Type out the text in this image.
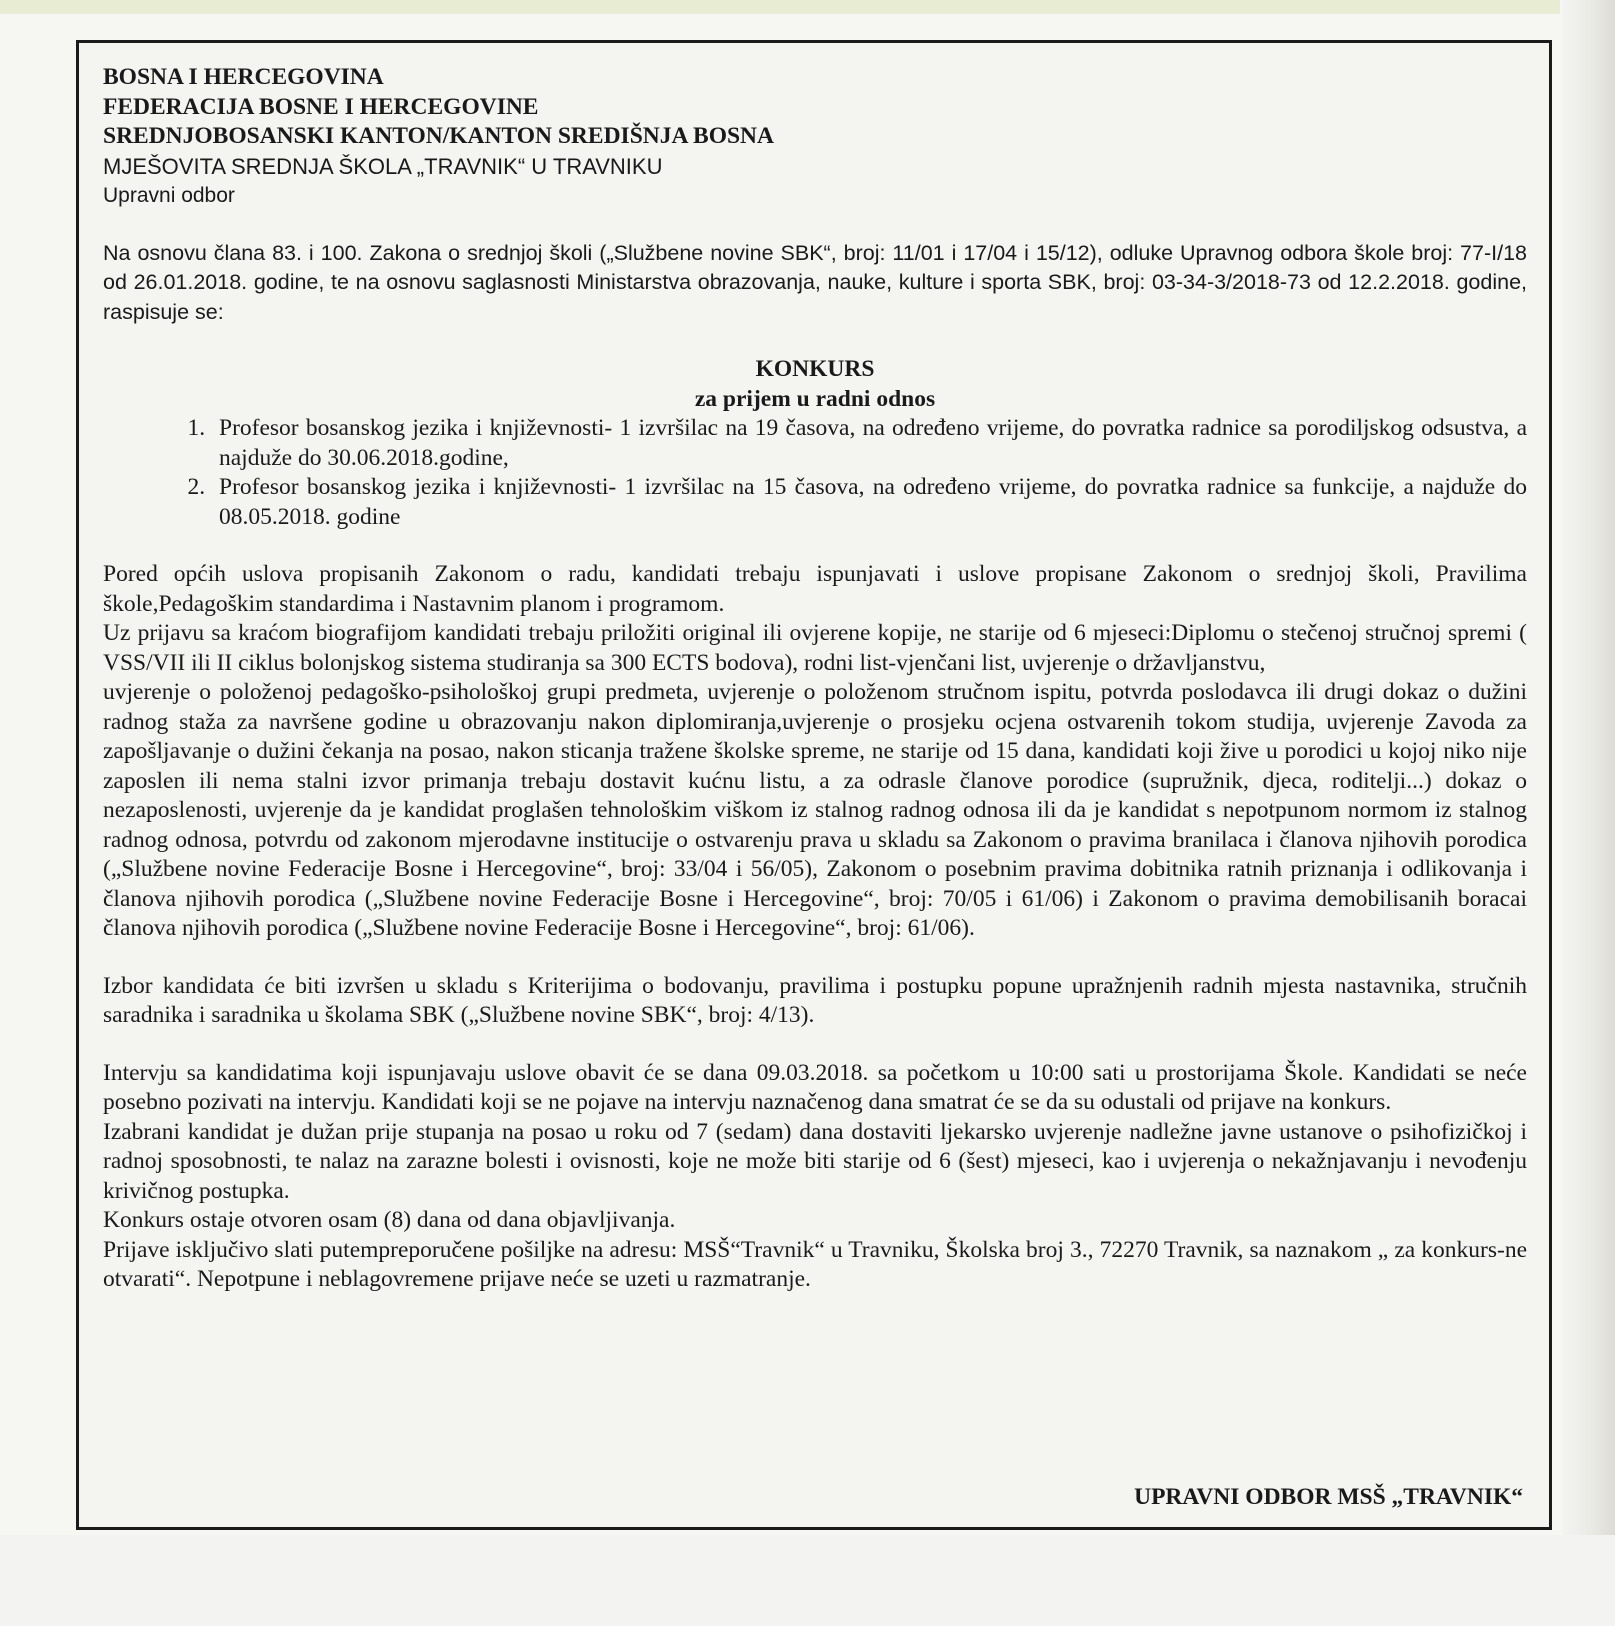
BOSNA I HERCEGOVINA

FEDERACIJA BOSNE I HERCEGOVINE

SREDNJOBOSANSKI KANTON/KANTON SREDIŠNJA BOSNA

MJEŠOVITA SREDNJA ŠKOLA „TRAVNIK“ U TRAVNIKU

Upravni odbor

Na osnovu člana 83. i 100. Zakona o srednjoj školi („Službene novine SBK“, broj: 11/01 i 17/04 i 15/12), odluke Upravnog odbora škole broj: 77-I/18 od 26.01.2018. godine, te na osnovu saglasnosti Ministarstva obrazovanja, nauke, kulture i sporta SBK, broj: 03-34-3/2018-73 od 12.2.2018. godine, raspisuje se:

KONKURS

za prijem u radni odnos

1. Profesor bosanskog jezika i književnosti- 1 izvršilac na 19 časova, na određeno vrijeme, do povratka radnice sa porodiljskog odsustva, a najduže do 30.06.2018.godine,
2. Profesor bosanskog jezika i književnosti- 1 izvršilac na 15 časova, na određeno vrijeme, do povratka radnice sa funkcije, a najduže do 08.05.2018. godine

Pored općih uslova propisanih Zakonom o radu, kandidati trebaju ispunjavati i uslove propisane Zakonom o srednjoj školi, Pravilima škole,Pedagoškim standardima i Nastavnim planom i programom.

Uz prijavu sa kraćom biografijom kandidati trebaju priložiti original ili ovjerene kopije, ne starije od 6 mjeseci:Diplomu o stečenoj stručnoj spremi ( VSS/VII ili II ciklus bolonjskog sistema studiranja sa 300 ECTS bodova), rodni list-vjenčani list, uvjerenje o državljanstvu,

uvjerenje o položenoj pedagoško-psihološkoj grupi predmeta, uvjerenje o položenom stručnom ispitu, potvrda poslodavca ili drugi dokaz o dužini radnog staža za navršene godine u obrazovanju nakon diplomiranja,uvjerenje o prosjeku ocjena ostvarenih tokom studija, uvjerenje Zavoda za zapošljavanje o dužini čekanja na posao, nakon sticanja tražene školske spreme, ne starije od 15 dana, kandidati koji žive u porodici u kojoj niko nije zaposlen ili nema stalni izvor primanja trebaju dostavit kućnu listu, a za odrasle članove porodice (supružnik, djeca, roditelji...) dokaz o nezaposlenosti, uvjerenje da je kandidat proglašen tehnološkim viškom iz stalnog radnog odnosa ili da je kandidat s nepotpunom normom iz stalnog radnog odnosa, potvrdu od zakonom mjerodavne institucije o ostvarenju prava u skladu sa Zakonom o pravima branilaca i članova njihovih porodica („Službene novine Federacije Bosne i Hercegovine“, broj: 33/04 i 56/05), Zakonom o posebnim pravima dobitnika ratnih priznanja i odlikovanja i članova njihovih porodica („Službene novine Federacije Bosne i Hercegovine“, broj: 70/05 i 61/06) i Zakonom o pravima demobilisanih boracai članova njihovih porodica („Službene novine Federacije Bosne i Hercegovine“, broj: 61/06).

Izbor kandidata će biti izvršen u skladu s Kriterijima o bodovanju, pravilima i postupku popune upražnjenih radnih mjesta nastavnika, stručnih saradnika i saradnika u školama SBK („Službene novine SBK“, broj: 4/13).

Intervju sa kandidatima koji ispunjavaju uslove obavit će se dana 09.03.2018. sa početkom u 10:00 sati u prostorijama Škole. Kandidati se neće posebno pozivati na intervju. Kandidati koji se ne pojave na intervju naznačenog dana smatrat će se da su odustali od prijave na konkurs.

Izabrani kandidat je dužan prije stupanja na posao u roku od 7 (sedam) dana dostaviti ljekarsko uvjerenje nadležne javne ustanove o psihofizičkoj i radnoj sposobnosti, te nalaz na zarazne bolesti i ovisnosti, koje ne može biti starije od 6 (šest) mjeseci, kao i uvjerenja o nekažnjavanju i nevođenju krivičnog postupka.

Konkurs ostaje otvoren osam (8) dana od dana objavljivanja.

Prijave isključivo slati putempreporučene pošiljke na adresu: MSŠ“Travnik“ u Travniku, Školska broj 3., 72270 Travnik, sa naznakom „ za konkurs-ne otvarati“. Nepotpune i neblagovremene prijave neće se uzeti u razmatranje.

UPRAVNI ODBOR MSŠ „TRAVNIK“
